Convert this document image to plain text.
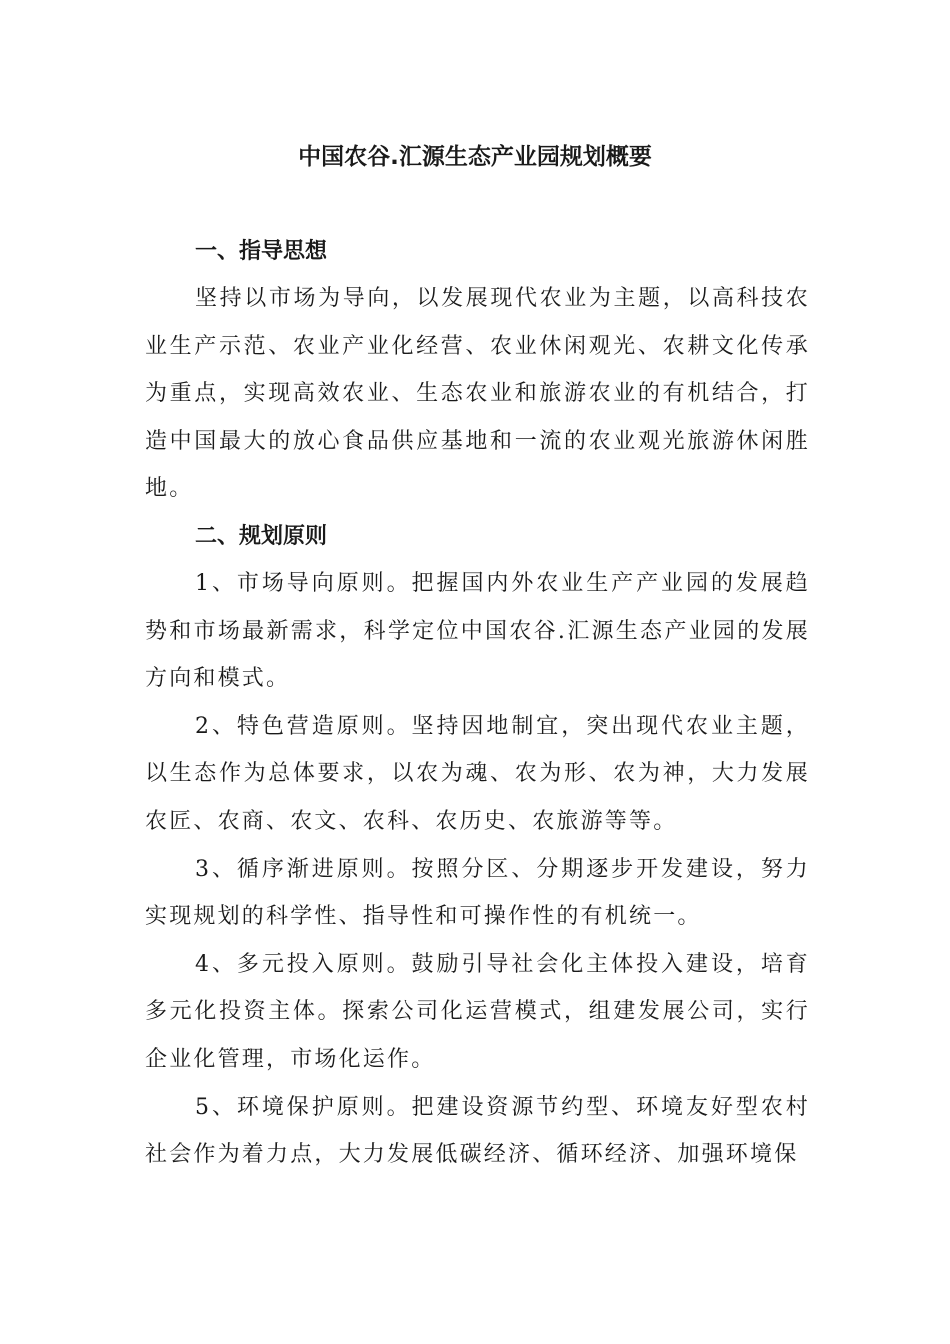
中国农谷.汇源生态产业园规划概要
一、指导思想

坚持以市场为导向，以发展现代农业为主题，以高科技农业生产示范、农业产业化经营、农业休闲观光、农耕文化传承为重点，实现高效农业、生态农业和旅游农业的有机结合，打造中国最大的放心食品供应基地和一流的农业观光旅游休闲胜地。

二、规划原则

1、市场导向原则。把握国内外农业生产产业园的发展趋势和市场最新需求，科学定位中国农谷.汇源生态产业园的发展方向和模式。

2、特色营造原则。坚持因地制宜，突出现代农业主题，以生态作为总体要求，以农为魂、农为形、农为神，大力发展农匠、农商、农文、农科、农历史、农旅游等等。

3、循序渐进原则。按照分区、分期逐步开发建设，努力实现规划的科学性、指导性和可操作性的有机统一。

4、多元投入原则。鼓励引导社会化主体投入建设，培育多元化投资主体。探索公司化运营模式，组建发展公司，实行企业化管理，市场化运作。

5、环境保护原则。把建设资源节约型、环境友好型农村社会作为着力点，大力发展低碳经济、循环经济、加强环境保
